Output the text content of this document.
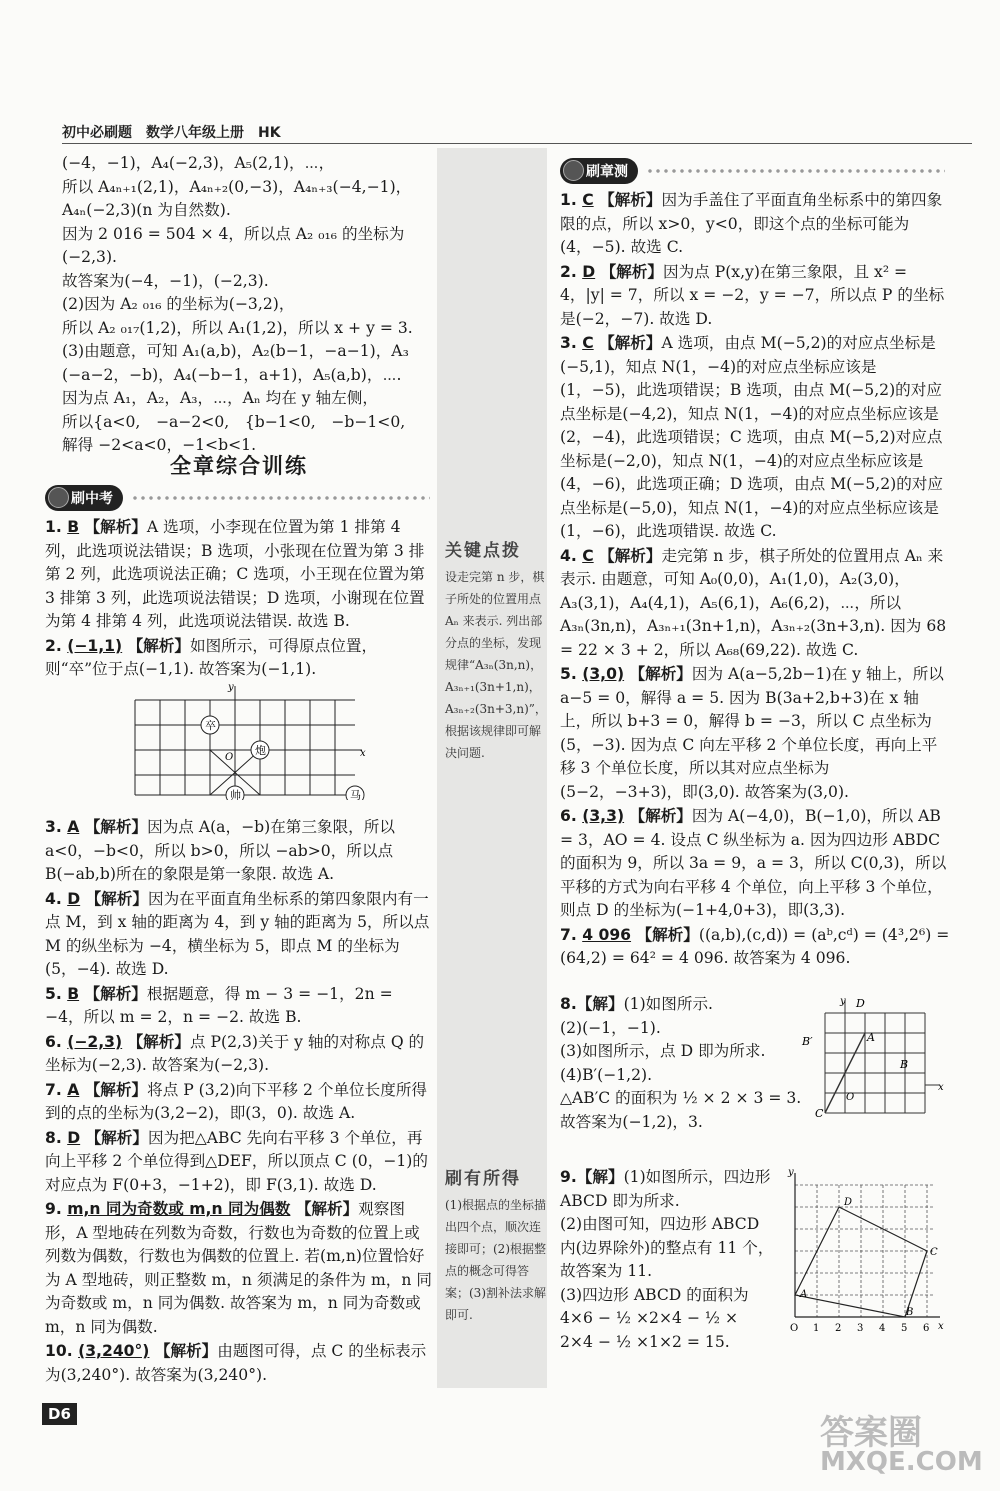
初中必刷题　数学八年级上册　HK

(−4，−1)，A₄(−2,3)，A₅(2,1)，⋯，

所以 A₄ₙ₊₁(2,1)，A₄ₙ₊₂(0,−3)，A₄ₙ₊₃(−4,−1)，

A₄ₙ(−2,3)(n 为自然数).

因为 2 016 = 504 × 4，所以点 A₂ ₀₁₆ 的坐标为(−2,3).

故答案为(−4，−1)，(−2,3).

(2)因为 A₂ ₀₁₆ 的坐标为(−3,2)，

所以 A₂ ₀₁₇(1,2)，所以 A₁(1,2)，所以 x + y = 3.

(3)由题意，可知 A₁(a,b)，A₂(b−1，−a−1)，A₃

(−a−2，−b)，A₄(−b−1，a+1)，A₅(a,b)，⋯.

因为点 A₁，A₂，A₃，⋯，Aₙ 均在 y 轴左侧，

所以{a<0,　−a−2<0,　{b−1<0,　−b−1<0,

解得 −2<a<0，−1<b<1.

全章综合训练
刷中考

1. B 【解析】A 选项，小李现在位置为第 1 排第 4 列，此选项说法错误；B 选项，小张现在位置为第 3 排第 2 列，此选项说法正确；C 选项，小王现在位置为第 3 排第 3 列，此选项说法错误；D 选项，小谢现在位置为第 4 排第 4 列，此选项说法错误. 故选 B.

2. (−1,1) 【解析】如图所示，可得原点位置，则“卒”位于点(−1,1). 故答案为(−1,1).

卒
炮
帅	马
y
x
O

3. A 【解析】因为点 A(a，−b)在第三象限，所以 a<0，−b<0，所以 b>0，所以 −ab>0，所以点 B(−ab,b)所在的象限是第一象限. 故选 A.

4. D 【解析】因为在平面直角坐标系的第四象限内有一点 M，到 x 轴的距离为 4，到 y 轴的距离为 5，所以点 M 的纵坐标为 −4，横坐标为 5，即点 M 的坐标为(5，−4). 故选 D.

5. B 【解析】根据题意，得 m − 3 = −1，2n = −4，所以 m = 2，n = −2. 故选 B.

6. (−2,3) 【解析】点 P(2,3)关于 y 轴的对称点 Q 的坐标为(−2,3). 故答案为(−2,3).

7. A 【解析】将点 P (3,2)向下平移 2 个单位长度所得到的点的坐标为(3,2−2)，即(3，0). 故选 A.

8. D 【解析】因为把△ABC 先向右平移 3 个单位，再向上平移 2 个单位得到△DEF，所以顶点 C (0，−1)的对应点为 F(0+3，−1+2)，即 F(3,1). 故选 D.

9. m,n 同为奇数或 m,n 同为偶数 【解析】观察图形，A 型地砖在列数为奇数，行数也为奇数的位置上或列数为偶数，行数也为偶数的位置上. 若(m,n)位置恰好为 A 型地砖，则正整数 m，n 须满足的条件为 m，n 同为奇数或 m，n 同为偶数. 故答案为 m，n 同为奇数或 m，n 同为偶数.

10. (3,240°) 【解析】由题图可得，点 C 的坐标表示为(3,240°). 故答案为(3,240°).

关键点拨
设走完第 n 步，棋子所处的位置用点 Aₙ 来表示. 列出部分点的坐标，发现规律“A₃ₙ(3n,n)，A₃ₙ₊₁(3n+1,n)，A₃ₙ₊₂(3n+3,n)”，根据该规律即可解决问题.
刷有所得
(1)根据点的坐标描出四个点，顺次连接即可；(2)根据整点的概念可得答案；(3)割补法求解即可.
刷章测

1. C 【解析】因为手盖住了平面直角坐标系中的第四象限的点，所以 x>0，y<0，即这个点的坐标可能为(4，−5). 故选 C.

2. D 【解析】因为点 P(x,y)在第三象限，且 x² = 4，|y| = 7，所以 x = −2，y = −7，所以点 P 的坐标是(−2，−7). 故选 D.

3. C 【解析】A 选项，由点 M(−5,2)的对应点坐标是(−5,1)，知点 N(1，−4)的对应点坐标应该是(1，−5)，此选项错误；B 选项，由点 M(−5,2)的对应点坐标是(−4,2)，知点 N(1，−4)的对应点坐标应该是(2，−4)，此选项错误；C 选项，由点 M(−5,2)对应点坐标是(−2,0)，知点 N(1，−4)的对应点坐标应该是(4，−6)，此选项正确；D 选项，由点 M(−5,2)的对应点坐标是(−5,0)，知点 N(1，−4)的对应点坐标应该是(1，−6)，此选项错误. 故选 C.

4. C 【解析】走完第 n 步，棋子所处的位置用点 Aₙ 来表示. 由题意，可知 A₀(0,0)，A₁(1,0)，A₂(3,0)，A₃(3,1)，A₄(4,1)，A₅(6,1)，A₆(6,2)，⋯，所以 A₃ₙ(3n,n)，A₃ₙ₊₁(3n+1,n)，A₃ₙ₊₂(3n+3,n). 因为 68 = 22 × 3 + 2，所以 A₆₈(69,22). 故选 C.

5. (3,0) 【解析】因为 A(a−5,2b−1)在 y 轴上，所以 a−5 = 0，解得 a = 5. 因为 B(3a+2,b+3)在 x 轴上，所以 b+3 = 0，解得 b = −3，所以 C 点坐标为(5，−3). 因为点 C 向左平移 2 个单位长度，再向上平移 3 个单位长度，所以其对应点坐标为(5−2，−3+3)，即(3,0). 故答案为(3,0).

6. (3,3) 【解析】因为 A(−4,0)，B(−1,0)，所以 AB = 3，AO = 4. 设点 C 纵坐标为 a. 因为四边形 ABDC 的面积为 9，所以 3a = 9，a = 3，所以 C(0,3)，所以平移的方式为向右平移 4 个单位，向上平移 3 个单位，则点 D 的坐标为(−1+4,0+3)，即(3,3).

7. 4 096 【解析】((a,b),(c,d)) = (aᵇ,cᵈ) = (4³,2⁶) = (64,2) = 64² = 4 096. 故答案为 4 096.

8.【解】(1)如图所示.

(2)(−1，−1).

(3)如图所示，点 D 即为所求.

(4)B′(−1,2).

△AB′C 的面积为 ½ × 2 × 3 = 3.

故答案为(−1,2)，3.

y
x
O
A
B
B′
C
D

9.【解】(1)如图所示，四边形 ABCD 即为所求.

(2)由图可知，四边形 ABCD 内(边界除外)的整点有 11 个，故答案为 11.

(3)四边形 ABCD 的面积为 4×6 − ½ ×2×4 − ½ × 2×4 − ½ ×1×2 = 15.

y
x
A
B
C
D
O 1 2 3 4 5 6
D6	答案圈
MXQE.COM
